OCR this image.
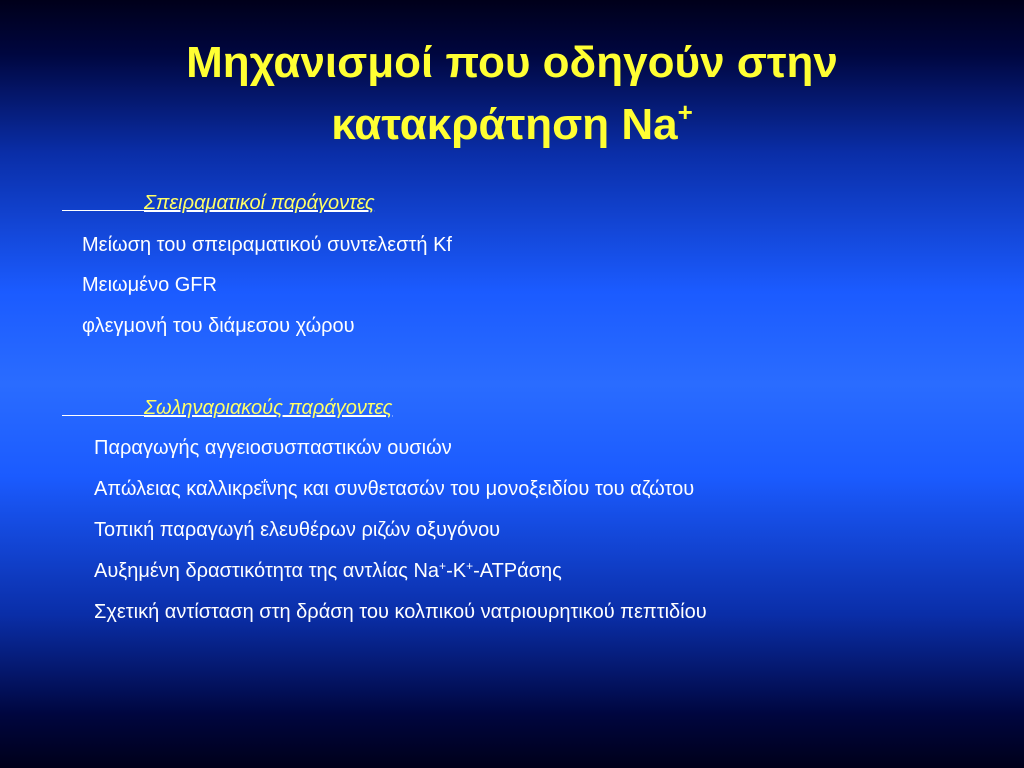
Μηχανισμοί που οδηγούν στην
κατακράτηση Na+
Σπειραματικοί παράγοντες
Μείωση του σπειραματικού συντελεστή Kf
Μειωμένο GFR
φλεγμονή του διάμεσου χώρου
Σωληναριακούς παράγοντες
Παραγωγής αγγειοσυσπαστικών ουσιών
Απώλειας καλλικρεΐνης και συνθετασών του μονοξειδίου του αζώτου
Τοπική παραγωγή ελευθέρων ριζών οξυγόνου
Αυξημένη δραστικότητα της αντλίας Na+-K+-ATPάσης
Σχετική αντίσταση στη δράση του κολπικού νατριουρητικού πεπτιδίου
